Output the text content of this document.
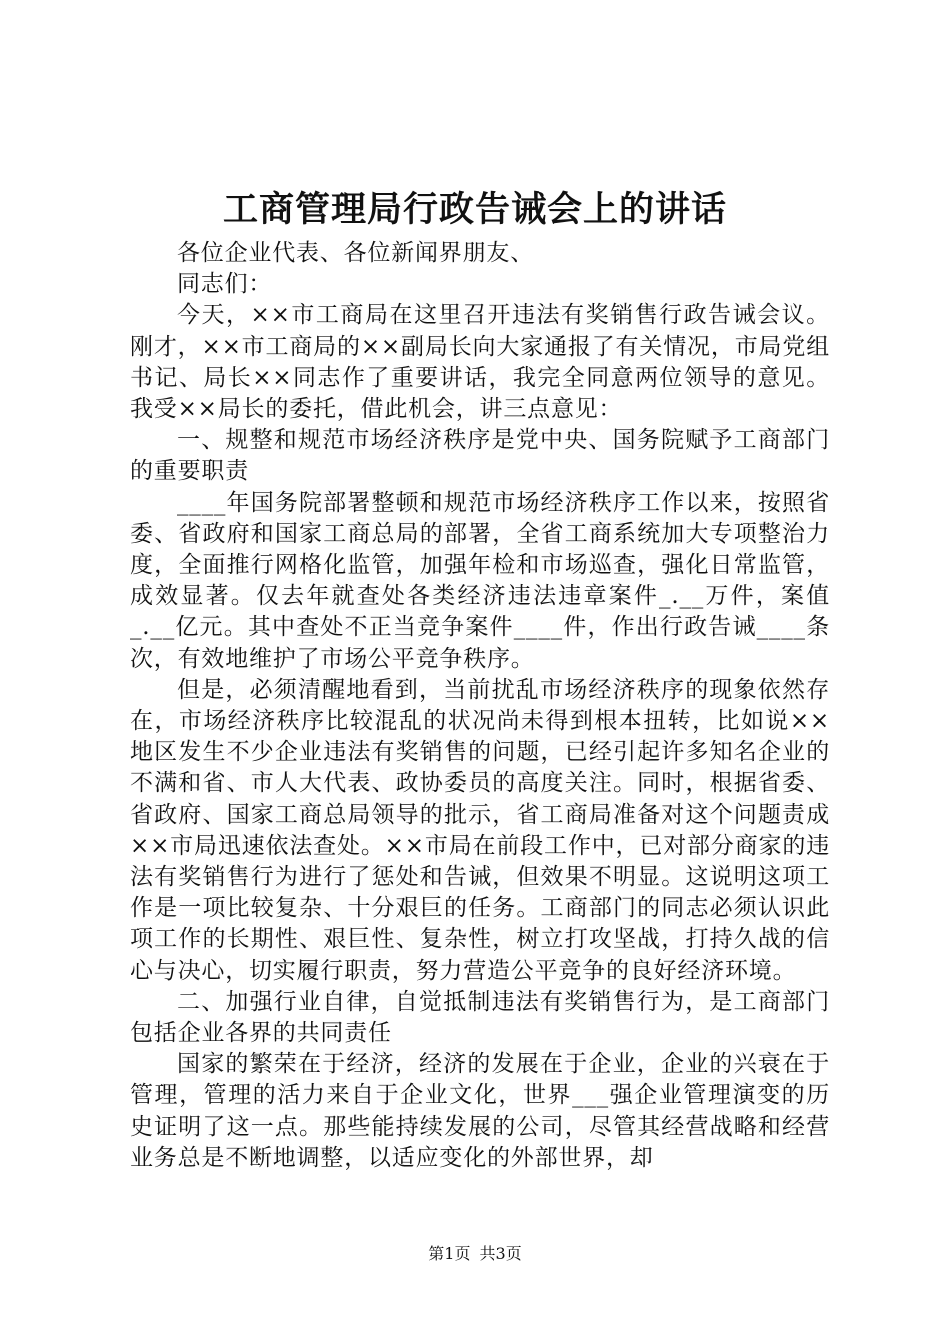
工商管理局行政告诫会上的讲话

各位企业代表、各位新闻界朋友、

同志们：

今天，××市工商局在这里召开违法有奖销售行政告诫会议。刚才，××市工商局的××副局长向大家通报了有关情况，市局党组书记、局长××同志作了重要讲话，我完全同意两位领导的意见。我受××局长的委托，借此机会，讲三点意见：

一、规整和规范市场经济秩序是党中央、国务院赋予工商部门的重要职责

____年国务院部署整顿和规范市场经济秩序工作以来，按照省委、省政府和国家工商总局的部署，全省工商系统加大专项整治力度，全面推行网格化监管，加强年检和市场巡查，强化日常监管，成效显著。仅去年就查处各类经济违法违章案件_.__万件，案值_.__亿元。其中查处不正当竞争案件____件，作出行政告诫____条次，有效地维护了市场公平竞争秩序。

但是，必须清醒地看到，当前扰乱市场经济秩序的现象依然存在，市场经济秩序比较混乱的状况尚未得到根本扭转，比如说××地区发生不少企业违法有奖销售的问题，已经引起许多知名企业的不满和省、市人大代表、政协委员的高度关注。同时，根据省委、省政府、国家工商总局领导的批示，省工商局准备对这个问题责成××市局迅速依法查处。××市局在前段工作中，已对部分商家的违法有奖销售行为进行了惩处和告诫，但效果不明显。这说明这项工作是一项比较复杂、十分艰巨的任务。工商部门的同志必须认识此项工作的长期性、艰巨性、复杂性，树立打攻坚战，打持久战的信心与决心，切实履行职责，努力营造公平竞争的良好经济环境。

二、加强行业自律，自觉抵制违法有奖销售行为，是工商部门包括企业各界的共同责任

国家的繁荣在于经济，经济的发展在于企业，企业的兴衰在于管理，管理的活力来自于企业文化，世界___强企业管理演变的历史证明了这一点。那些能持续发展的公司，尽管其经营战略和经营业务总是不断地调整，以适应变化的外部世界，却

第1页 共3页
